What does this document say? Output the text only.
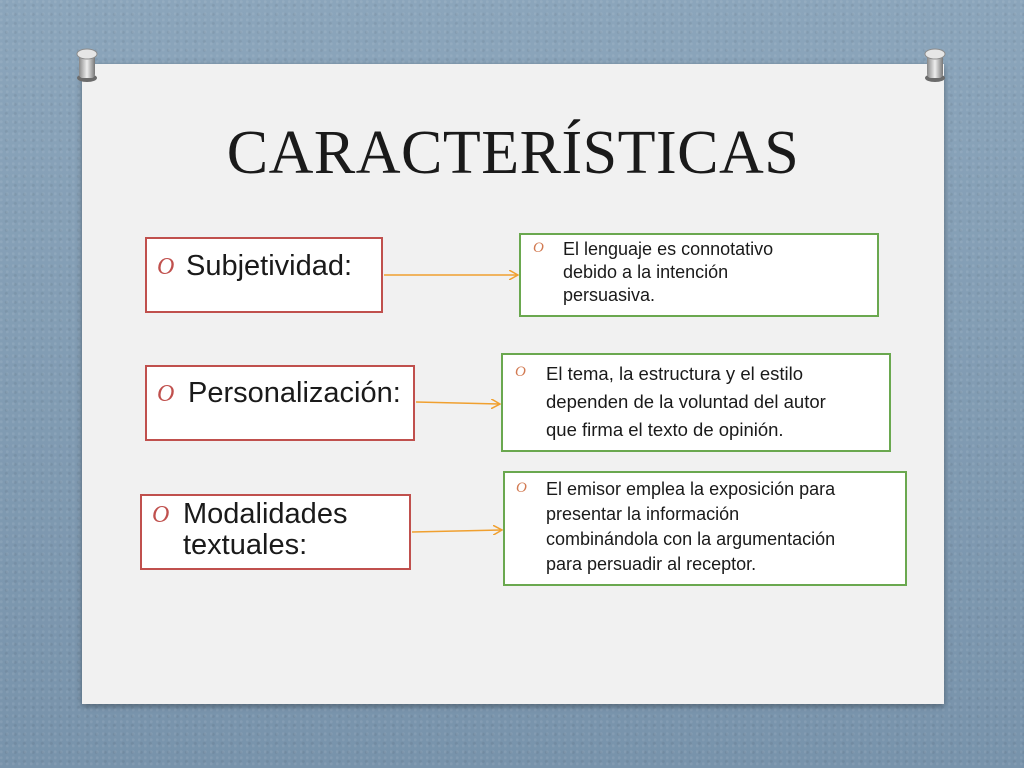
CARACTERÍSTICAS
O Subjetividad:
O El lenguaje es connotativo
debido a la intención
persuasiva.
O Personalización:
O El tema, la estructura y el estilo
dependen de la voluntad del autor
que firma el texto de opinión.
O Modalidades
textuales:
O El emisor emplea la exposición para
presentar la información
combinándola con la argumentación
para persuadir al receptor.
